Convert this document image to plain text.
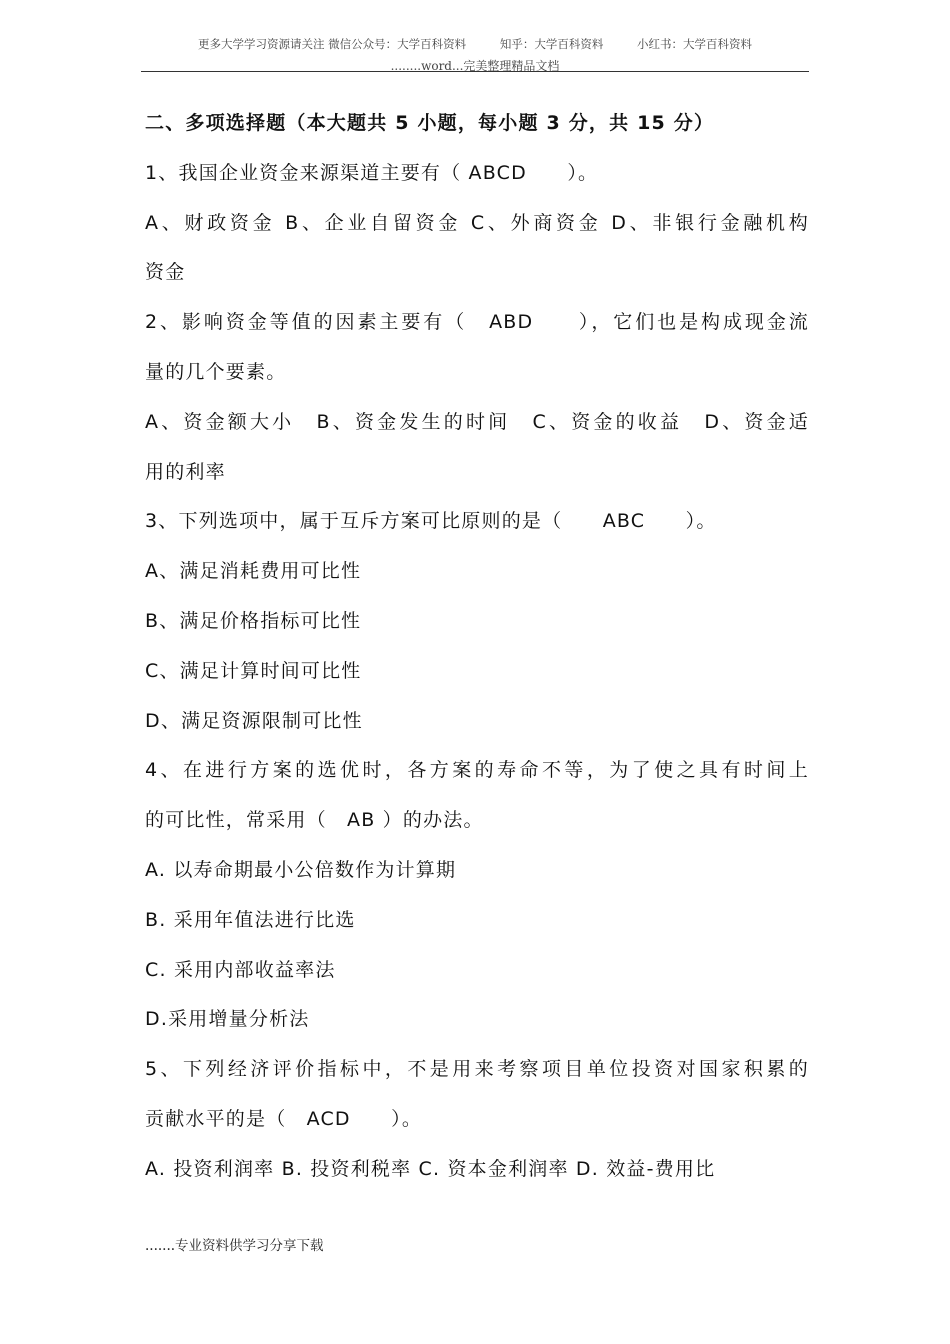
更多大学学习资源请关注 微信公众号：大学百科资料	知乎：大学百科资料	小红书：大学百科资料
........word...完美整理精品文档
二、多项选择题（本大题共 5 小题，每小题 3 分，共 15 分）
1、我国企业资金来源渠道主要有（ ABCD　　）。
A、财政资金 B、企业自留资金 C、外商资金 D、非银行金融机构
资金
2、影响资金等值的因素主要有（　ABD　　），它们也是构成现金流
量的几个要素。
A、资金额大小　B、资金发生的时间　C、资金的收益　D、资金适
用的利率
3、下列选项中，属于互斥方案可比原则的是（　　ABC　　）。
A、满足消耗费用可比性
B、满足价格指标可比性
C、满足计算时间可比性
D、满足资源限制可比性
4、在进行方案的选优时，各方案的寿命不等，为了使之具有时间上
的可比性，常采用（　AB ）的办法。
A. 以寿命期最小公倍数作为计算期
B. 采用年值法进行比选
C. 采用内部收益率法
D.采用增量分析法
5、下列经济评价指标中，不是用来考察项目单位投资对国家积累的
贡献水平的是（　ACD　　）。
A. 投资利润率 B. 投资利税率 C. 资本金利润率 D. 效益-费用比
.......专业资料供学习分享下载
